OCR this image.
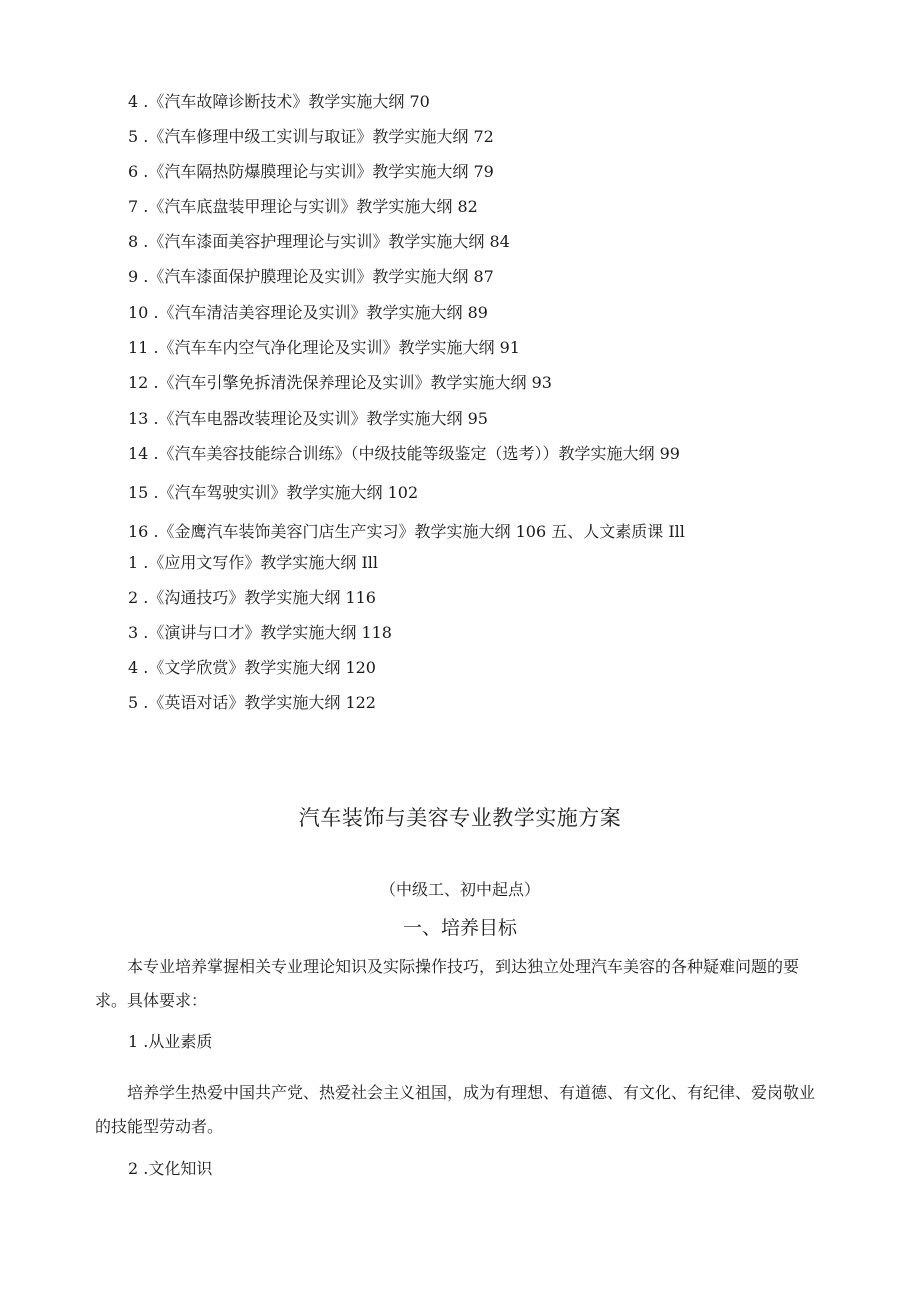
4 .《汽车故障诊断技术》教学实施大纲 70
5 .《汽车修理中级工实训与取证》教学实施大纲 72
6 .《汽车隔热防爆膜理论与实训》教学实施大纲 79
7 .《汽车底盘装甲理论与实训》教学实施大纲 82
8 .《汽车漆面美容护理理论与实训》教学实施大纲 84
9 .《汽车漆面保护膜理论及实训》教学实施大纲 87
10 .《汽车清洁美容理论及实训》教学实施大纲 89
11 .《汽车车内空气净化理论及实训》教学实施大纲 91
12 .《汽车引擎免拆清洗保养理论及实训》教学实施大纲 93
13 .《汽车电器改装理论及实训》教学实施大纲 95
14 .《汽车美容技能综合训练》（中级技能等级鉴定（选考））教学实施大纲 99
15 .《汽车驾驶实训》教学实施大纲 102
16 .《金鹰汽车装饰美容门店生产实习》教学实施大纲 106 五、人文素质课 Ill
1 .《应用文写作》教学实施大纲 Ill
2 .《沟通技巧》教学实施大纲 116
3 .《演讲与口才》教学实施大纲 118
4 .《文学欣赏》教学实施大纲 120
5 .《英语对话》教学实施大纲 122
汽车装饰与美容专业教学实施方案
（中级工、初中起点）
一、培养目标
本专业培养掌握相关专业理论知识及实际操作技巧，到达独立处理汽车美容的各种疑难问题的要求。具体要求：
1 .从业素质
培养学生热爱中国共产党、热爱社会主义祖国，成为有理想、有道德、有文化、有纪律、爱岗敬业的技能型劳动者。
2 .文化知识
